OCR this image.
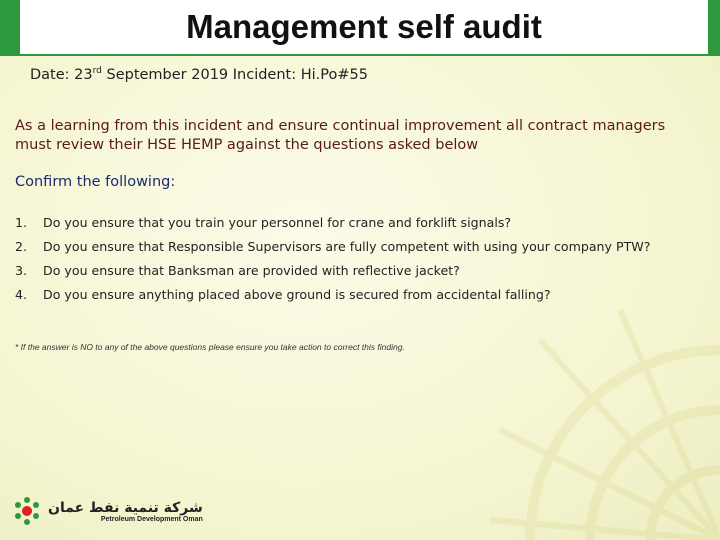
Management self audit
Date: 23rd September 2019 Incident: Hi.Po#55
As a learning from this incident and ensure continual improvement all contract managers must review their HSE HEMP against the questions asked below
Confirm the following:
1.	Do you ensure that you train your personnel for crane and forklift signals?
2.	Do you ensure that Responsible Supervisors are fully competent with using your company PTW?
3.	Do you ensure that Banksman are provided with reflective jacket?
4.	Do you ensure anything placed above ground is secured from accidental falling?
* If the answer is NO to any of the above questions please ensure you take action to correct this finding.
شركة تنمية نفط عمان
Petroleum Development Oman
